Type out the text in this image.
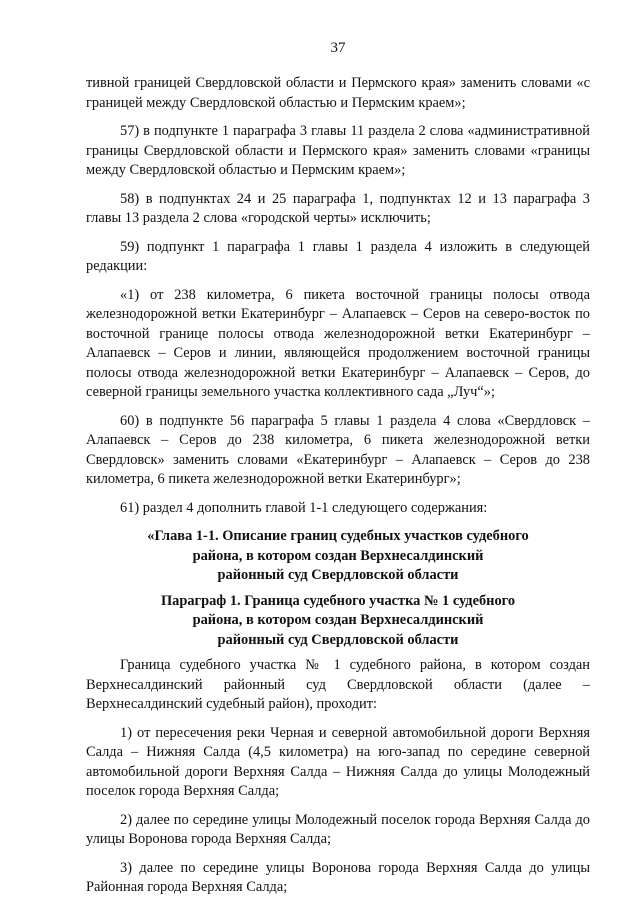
37

тивной границей Свердловской области и Пермского края» заменить словами «с границей между Свердловской областью и Пермским краем»;

57) в подпункте 1 параграфа 3 главы 11 раздела 2 слова «административной границы Свердловской области и Пермского края» заменить словами «границы между Свердловской областью и Пермским краем»;

58) в подпунктах 24 и 25 параграфа 1, подпунктах 12 и 13 параграфа 3 главы 13 раздела 2 слова «городской черты» исключить;

59) подпункт 1 параграфа 1 главы 1 раздела 4 изложить в следующей редакции:

«1) от 238 километра, 6 пикета восточной границы полосы отвода железнодорожной ветки Екатеринбург – Алапаевск – Серов на северо-восток по восточной границе полосы отвода железнодорожной ветки Екатеринбург – Алапаевск – Серов и линии, являющейся продолжением восточной границы полосы отвода железнодорожной ветки Екатеринбург – Алапаевск – Серов, до северной границы земельного участка коллективного сада „Луч“»;

60) в подпункте 56 параграфа 5 главы 1 раздела 4 слова «Свердловск – Алапаевск – Серов до 238 километра, 6 пикета железнодорожной ветки Свердловск» заменить словами «Екатеринбург – Алапаевск – Серов до 238 километра, 6 пикета железнодорожной ветки Екатеринбург»;

61) раздел 4 дополнить главой 1-1 следующего содержания:

«Глава 1-1. Описание границ судебных участков судебного
района, в котором создан Верхнесалдинский
районный суд Свердловской области
Параграф 1. Граница судебного участка № 1 судебного
района, в котором создан Верхнесалдинский
районный суд Свердловской области

Граница судебного участка № 1 судебного района, в котором создан Верхнесалдинский районный суд Свердловской области (далее – Верхнесалдинский судебный район), проходит:

1) от пересечения реки Черная и северной автомобильной дороги Верхняя Салда – Нижняя Салда (4,5 километра) на юго-запад по середине северной автомобильной дороги Верхняя Салда – Нижняя Салда до улицы Молодежный поселок города Верхняя Салда;

2) далее по середине улицы Молодежный поселок города Верхняя Салда до улицы Воронова города Верхняя Салда;

3) далее по середине улицы Воронова города Верхняя Салда до улицы Районная города Верхняя Салда;
